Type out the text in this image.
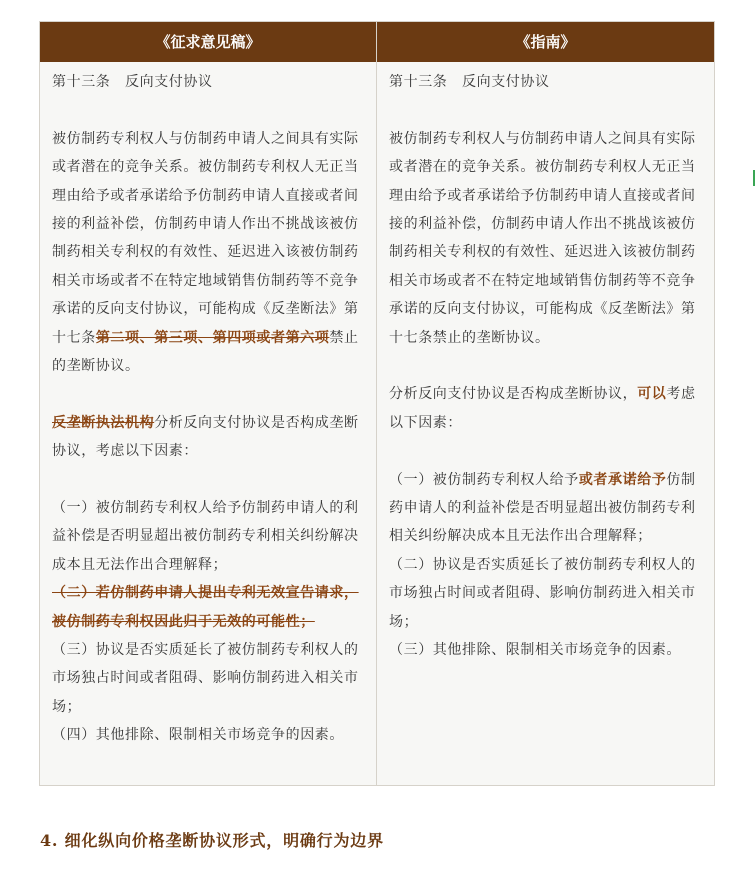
《征求意见稿》	《指南》

第十三条　反向支付协议

被仿制药专利权人与仿制药申请人之间具有实际或者潜在的竞争关系。被仿制药专利权人无正当理由给予或者承诺给予仿制药申请人直接或者间接的利益补偿，仿制药申请人作出不挑战该被仿制药相关专利权的有效性、延迟进入该被仿制药相关市场或者不在特定地域销售仿制药等不竞争承诺的反向支付协议，可能构成《反垄断法》第十七条第二项、第三项、第四项或者第六项禁止的垄断协议。

反垄断执法机构分析反向支付协议是否构成垄断协议，考虑以下因素：

（一）被仿制药专利权人给予仿制药申请人的利益补偿是否明显超出被仿制药专利相关纠纷解决成本且无法作出合理解释；

（二）若仿制药申请人提出专利无效宣告请求，被仿制药专利权因此归于无效的可能性；

（三）协议是否实质延长了被仿制药专利权人的市场独占时间或者阻碍、影响仿制药进入相关市场；

（四）其他排除、限制相关市场竞争的因素。

第十三条　反向支付协议

被仿制药专利权人与仿制药申请人之间具有实际或者潜在的竞争关系。被仿制药专利权人无正当理由给予或者承诺给予仿制药申请人直接或者间接的利益补偿，仿制药申请人作出不挑战该被仿制药相关专利权的有效性、延迟进入该被仿制药相关市场或者不在特定地域销售仿制药等不竞争承诺的反向支付协议，可能构成《反垄断法》第十七条禁止的垄断协议。

分析反向支付协议是否构成垄断协议，可以考虑以下因素：

（一）被仿制药专利权人给予或者承诺给予仿制药申请人的利益补偿是否明显超出被仿制药专利相关纠纷解决成本且无法作出合理解释；

（二）协议是否实质延长了被仿制药专利权人的市场独占时间或者阻碍、影响仿制药进入相关市场；

（三）其他排除、限制相关市场竞争的因素。

4. 细化纵向价格垄断协议形式，明确行为边界
